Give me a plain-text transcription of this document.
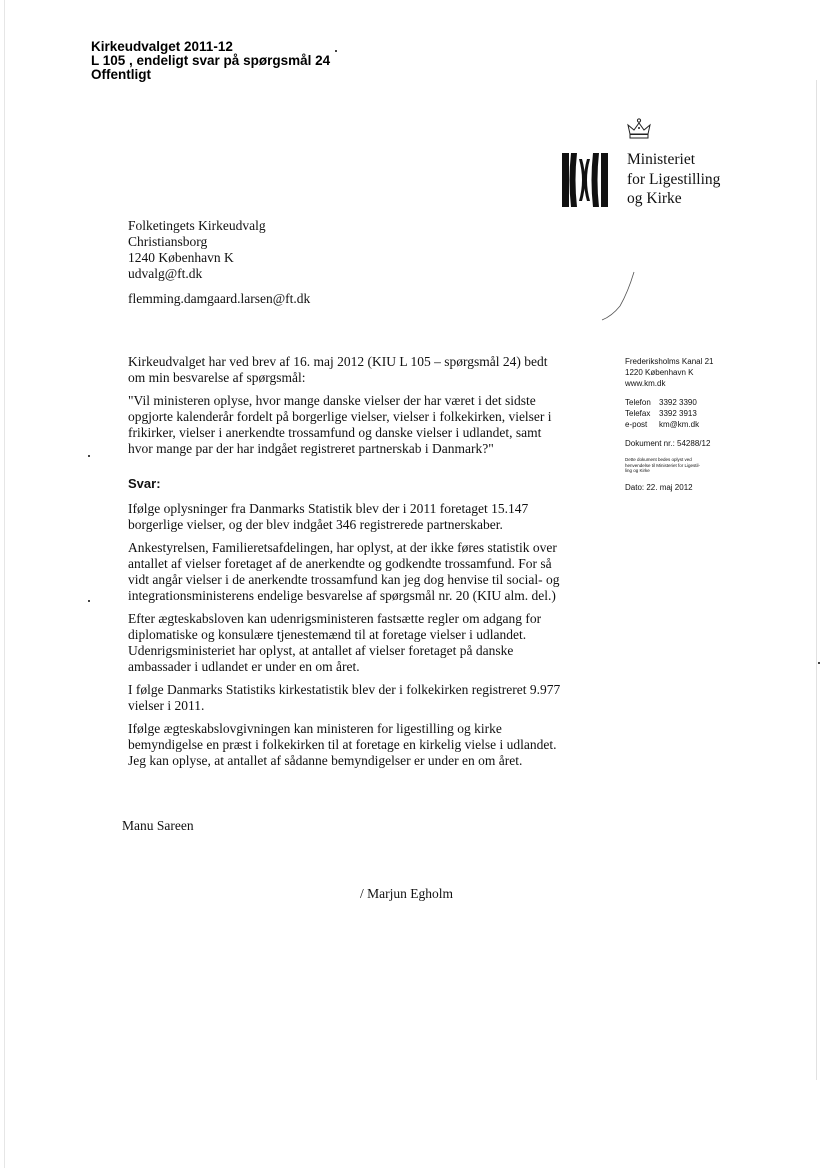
Kirkeudvalget 2011-12
L 105 , endeligt svar på spørgsmål 24
Offentligt
Ministeriet
for Ligestilling
og Kirke
Folketingets Kirkeudvalg
Christiansborg
1240 København K
udvalg@ft.dk
flemming.damgaard.larsen@ft.dk
Frederiksholms Kanal 21
1220 København K
www.km.dk
Telefon	3392 3390
Telefax	3392 3913
e-post	km@km.dk
Dokument nr.: 54288/12
Dette dokument bedes oplyst ved
henvendelse til Ministeriet for Ligestil-
ling og Kirke
Dato: 22. maj 2012

Kirkeudvalget har ved brev af 16. maj 2012 (KIU L 105 – spørgsmål 24) bedt om min besvarelse af spørgsmål:

"Vil ministeren oplyse, hvor mange danske vielser der har været i det sidste opgjorte kalenderår fordelt på borgerlige vielser, vielser i folkekirken, vielser i frikirker, vielser i anerkendte trossamfund og danske vielser i udlandet, samt hvor mange par der har indgået registreret partnerskab i Danmark?"

Svar:

Ifølge oplysninger fra Danmarks Statistik blev der i 2011 foretaget 15.147 borgerlige vielser, og der blev indgået 346 registrerede partnerskaber.

Ankestyrelsen, Familieretsafdelingen, har oplyst, at der ikke føres statistik over antallet af vielser foretaget af de anerkendte og godkendte trossamfund. For så vidt angår vielser i de anerkendte trossamfund kan jeg dog henvise til social- og integrationsministerens endelige besvarelse af spørgsmål nr. 20 (KIU alm. del.)

Efter ægteskabsloven kan udenrigsministeren fastsætte regler om adgang for diplomatiske og konsulære tjenestemænd til at foretage vielser i udlandet. Udenrigsministeriet har oplyst, at antallet af vielser foretaget på danske ambassader i udlandet er under en om året.

I følge Danmarks Statistiks kirkestatistik blev der i folkekirken registreret 9.977 vielser i 2011.

Ifølge ægteskabslovgivningen kan ministeren for ligestilling og kirke bemyndigelse en præst i folkekirken til at foretage en kirkelig vielse i udlandet. Jeg kan oplyse, at antallet af sådanne bemyndigelser er under en om året.

Manu Sareen
/ Marjun Egholm
